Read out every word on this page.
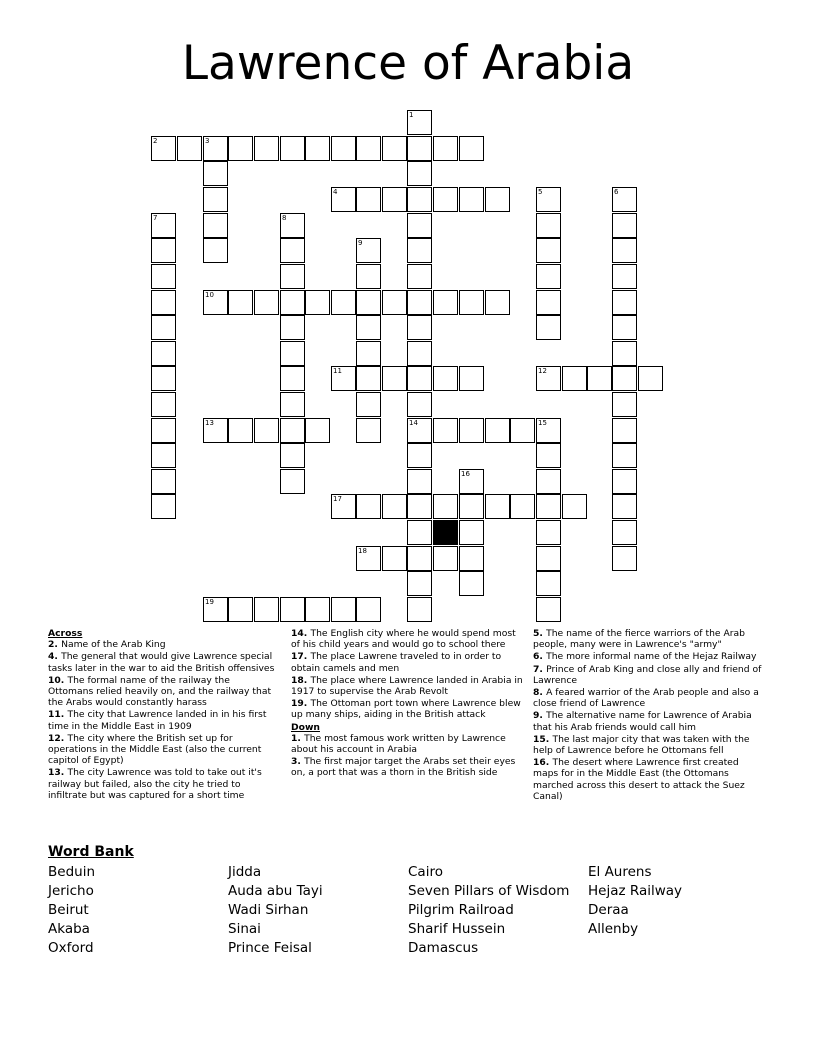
Lawrence of Arabia
1
2	3
4	5	6
7	8
9
10
11	12
13	14	15
16
17
18
19
Across
2. Name of the Arab King
4. The general that would give Lawrence special tasks later in the war to aid the British offensives
10. The formal name of the railway the Ottomans relied heavily on, and the railway that the Arabs would constantly harass
11. The city that Lawrence landed in in his first time in the Middle East in 1909
12. The city where the British set up for operations in the Middle East (also the current capitol of Egypt)
13. The city Lawrence was told to take out it's railway but failed, also the city he tried to infiltrate but was captured for a short time
14. The English city where he would spend most of his child years and would go to school there
17. The place Lawrene traveled to in order to obtain camels and men
18. The place where Lawrence landed in Arabia in 1917 to supervise the Arab Revolt
19. The Ottoman port town where Lawrence blew up many ships, aiding in the British attack
Down
1. The most famous work written by Lawrence about his account in Arabia
3. The first major target the Arabs set their eyes on, a port that was a thorn in the British side
5. The name of the fierce warriors of the Arab people, many were in Lawrence's "army"
6. The more informal name of the Hejaz Railway
7. Prince of Arab King and close ally and friend of Lawrence
8. A feared warrior of the Arab people and also a close friend of Lawrence
9. The alternative name for Lawrence of Arabia that his Arab friends would call him
15. The last major city that was taken with the help of Lawrence before he Ottomans fell
16. The desert where Lawrence first created maps for in the Middle East (the Ottomans marched across this desert to attack the Suez Canal)
Word Bank
Beduin
Jericho
Beirut
Akaba
Oxford
Jidda
Auda abu Tayi
Wadi Sirhan
Sinai
Prince Feisal
Cairo
Seven Pillars of Wisdom
Pilgrim Railroad
Sharif Hussein
Damascus
El Aurens
Hejaz Railway
Deraa
Allenby
